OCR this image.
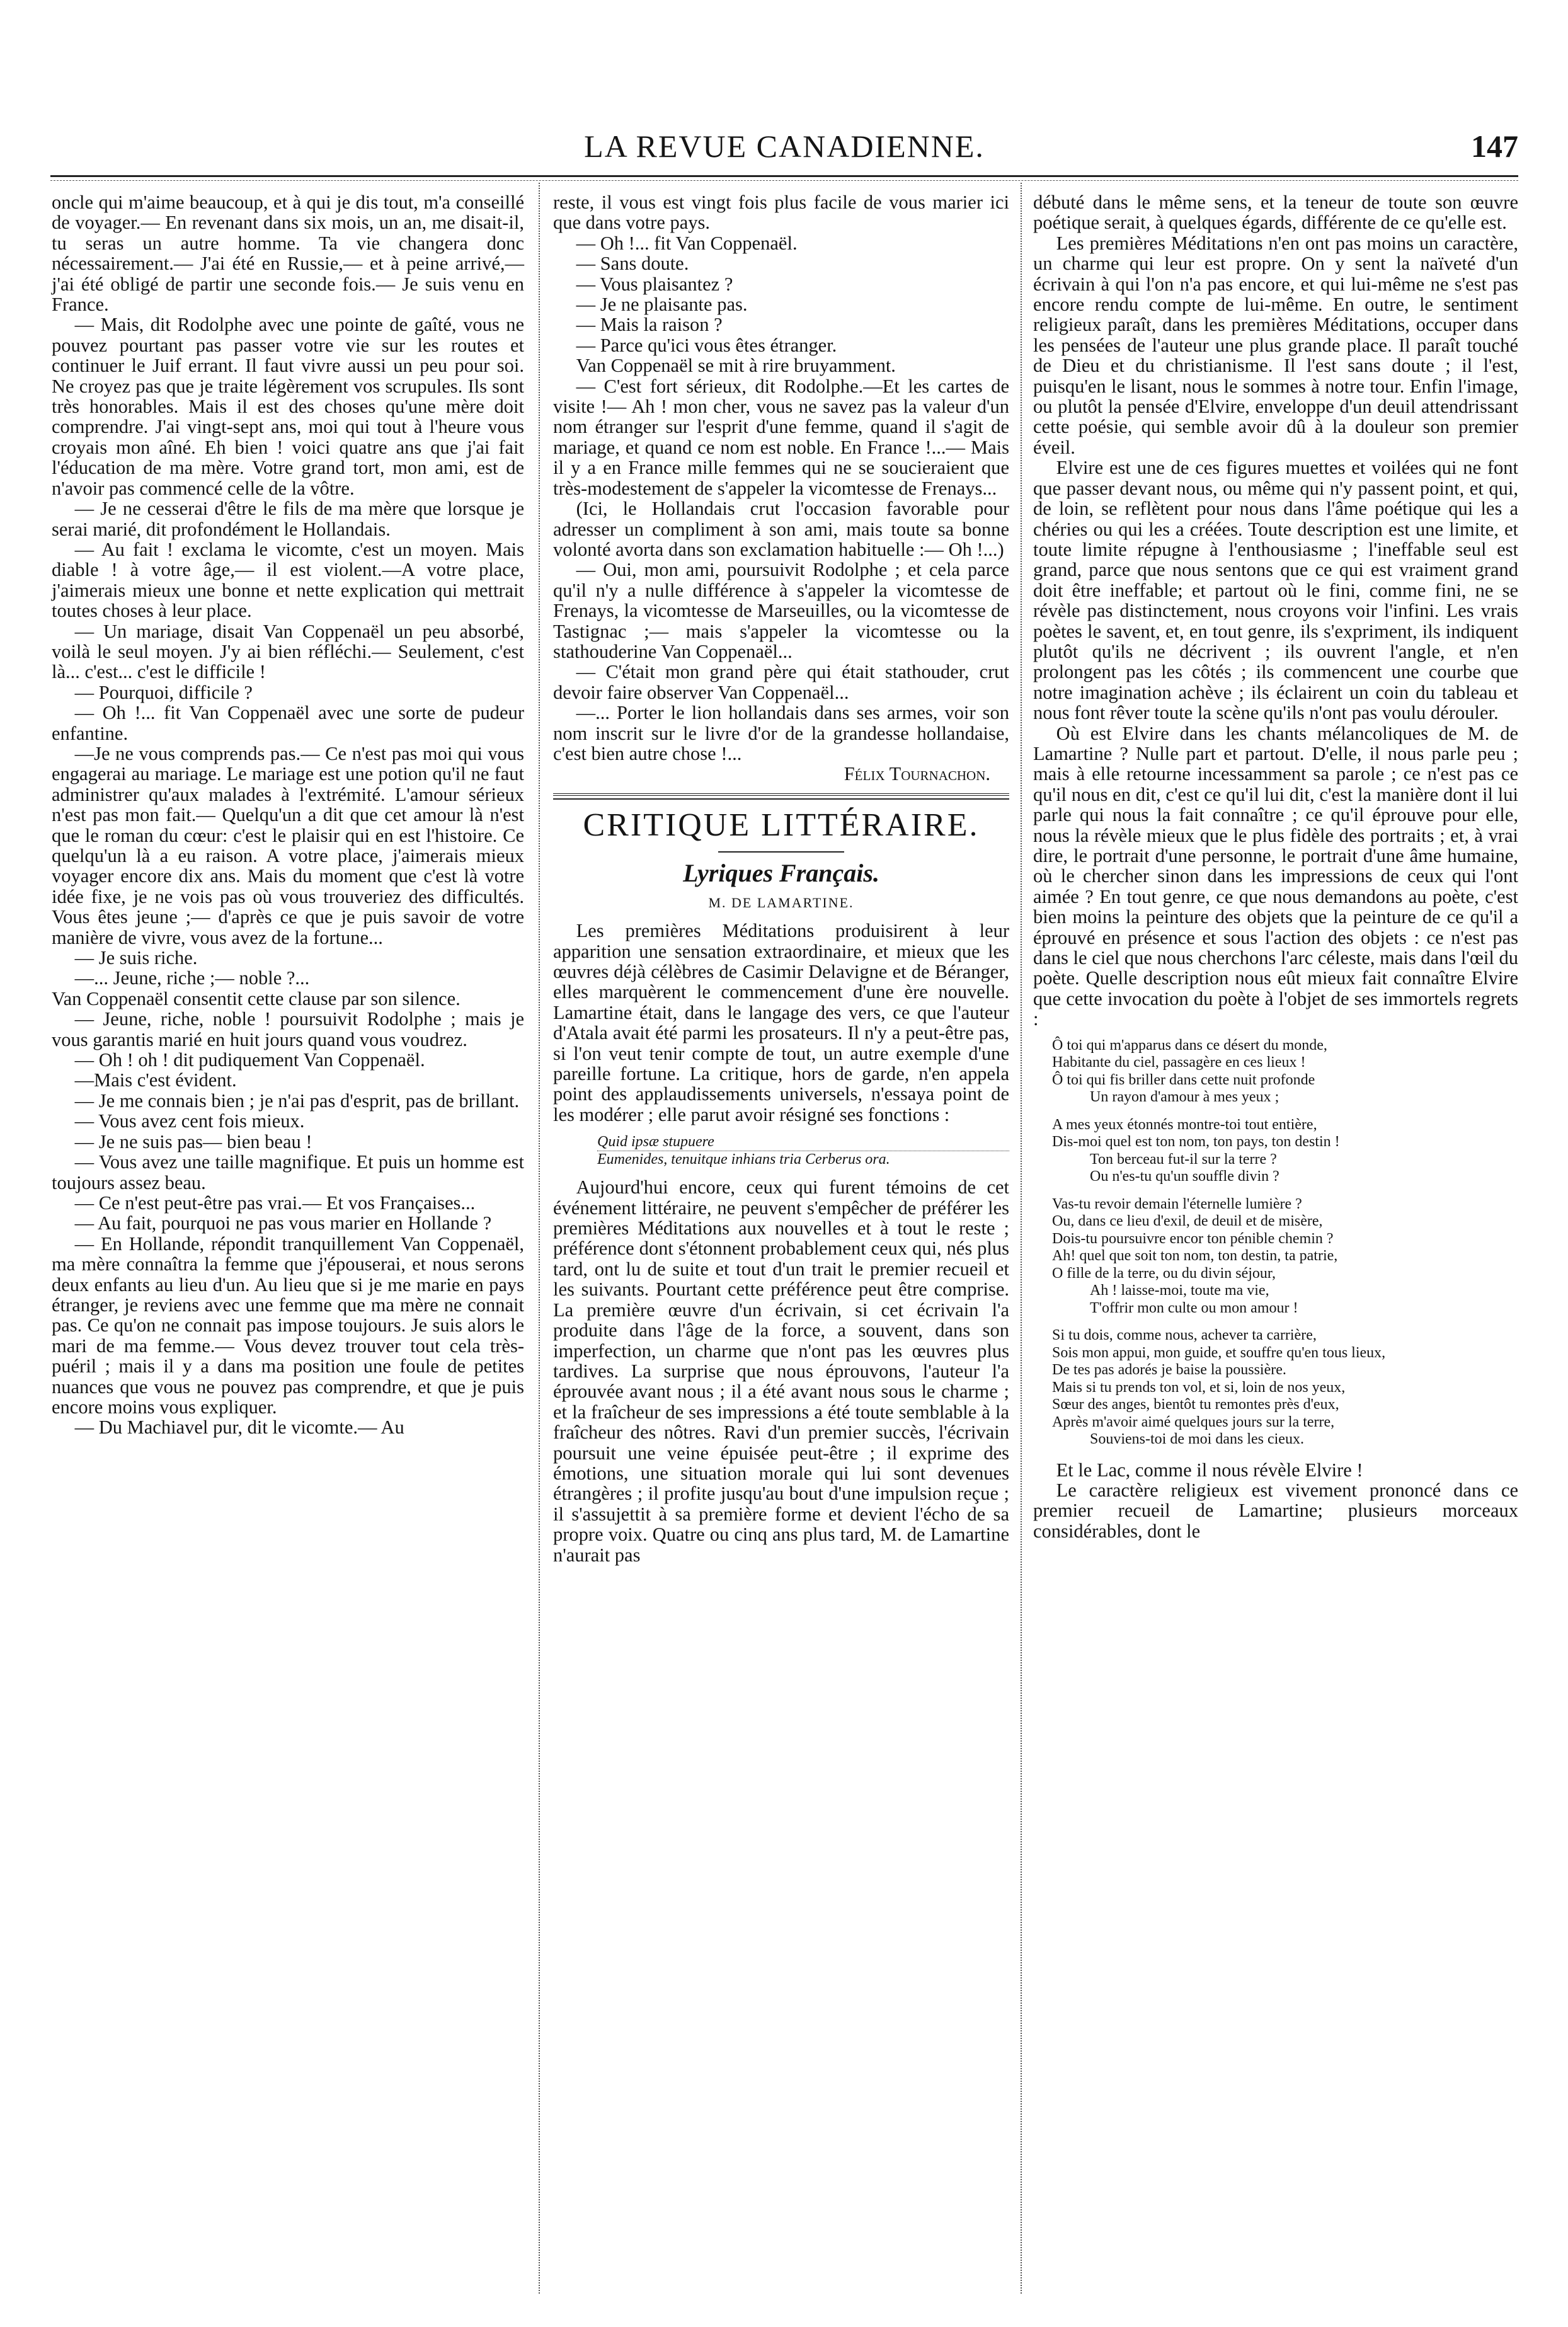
LA REVUE CANADIENNE.	147

oncle qui m'aime beaucoup, et à qui je dis tout, m'a conseillé de voyager.— En revenant dans six mois, un an, me disait-il, tu seras un autre homme. Ta vie changera donc nécessairement.— J'ai été en Russie,— et à peine arrivé,—j'ai été obligé de partir une seconde fois.— Je suis venu en France.

— Mais, dit Rodolphe avec une pointe de gaîté, vous ne pouvez pourtant pas passer votre vie sur les routes et continuer le Juif errant. Il faut vivre aussi un peu pour soi. Ne croyez pas que je traite légèrement vos scrupules. Ils sont très honorables. Mais il est des choses qu'une mère doit comprendre. J'ai vingt-sept ans, moi qui tout à l'heure vous croyais mon aîné. Eh bien ! voici quatre ans que j'ai fait l'éducation de ma mère. Votre grand tort, mon ami, est de n'avoir pas commencé celle de la vôtre.

— Je ne cesserai d'être le fils de ma mère que lorsque je serai marié, dit profondément le Hollandais.

— Au fait ! exclama le vicomte, c'est un moyen. Mais diable ! à votre âge,— il est violent.—A votre place, j'aimerais mieux une bonne et nette explication qui mettrait toutes choses à leur place.

— Un mariage, disait Van Coppenaël un peu absorbé, voilà le seul moyen. J'y ai bien réfléchi.— Seulement, c'est là... c'est... c'est le difficile !

— Pourquoi, difficile ?

— Oh !... fit Van Coppenaël avec une sorte de pudeur enfantine.

—Je ne vous comprends pas.— Ce n'est pas moi qui vous engagerai au mariage. Le mariage est une potion qu'il ne faut administrer qu'aux malades à l'extrémité. L'amour sérieux n'est pas mon fait.— Quelqu'un a dit que cet amour là n'est que le roman du cœur: c'est le plaisir qui en est l'histoire. Ce quelqu'un là a eu raison. A votre place, j'aimerais mieux voyager encore dix ans. Mais du moment que c'est là votre idée fixe, je ne vois pas où vous trouveriez des difficultés. Vous êtes jeune ;— d'après ce que je puis savoir de votre manière de vivre, vous avez de la fortune...

— Je suis riche.

—... Jeune, riche ;— noble ?...

Van Coppenaël consentit cette clause par son silence.

— Jeune, riche, noble ! poursuivit Rodolphe ; mais je vous garantis marié en huit jours quand vous voudrez.

— Oh ! oh ! dit pudiquement Van Coppenaël.

—Mais c'est évident.

— Je me connais bien ; je n'ai pas d'esprit, pas de brillant.

— Vous avez cent fois mieux.

— Je ne suis pas— bien beau !

— Vous avez une taille magnifique. Et puis un homme est toujours assez beau.

— Ce n'est peut-être pas vrai.— Et vos Françaises...

— Au fait, pourquoi ne pas vous marier en Hollande ?

— En Hollande, répondit tranquillement Van Coppenaël, ma mère connaîtra la femme que j'épouserai, et nous serons deux enfants au lieu d'un. Au lieu que si je me marie en pays étranger, je reviens avec une femme que ma mère ne connait pas. Ce qu'on ne connait pas impose toujours. Je suis alors le mari de ma femme.— Vous devez trouver tout cela très-puéril ; mais il y a dans ma position une foule de petites nuances que vous ne pouvez pas comprendre, et que je puis encore moins vous expliquer.

— Du Machiavel pur, dit le vicomte.— Au

reste, il vous est vingt fois plus facile de vous marier ici que dans votre pays.

— Oh !... fit Van Coppenaël.

— Sans doute.

— Vous plaisantez ?

— Je ne plaisante pas.

— Mais la raison ?

— Parce qu'ici vous êtes étranger.

Van Coppenaël se mit à rire bruyamment.

— C'est fort sérieux, dit Rodolphe.—Et les cartes de visite !— Ah ! mon cher, vous ne savez pas la valeur d'un nom étranger sur l'esprit d'une femme, quand il s'agit de mariage, et quand ce nom est noble. En France !...— Mais il y a en France mille femmes qui ne se soucieraient que très-modestement de s'appeler la vicomtesse de Frenays...

(Ici, le Hollandais crut l'occasion favorable pour adresser un compliment à son ami, mais toute sa bonne volonté avorta dans son exclamation habituelle :— Oh !...)

— Oui, mon ami, poursuivit Rodolphe ; et cela parce qu'il n'y a nulle différence à s'appeler la vicomtesse de Frenays, la vicomtesse de Marseuilles, ou la vicomtesse de Tastignac ;— mais s'appeler la vicomtesse ou la stathouderine Van Coppenaël...

— C'était mon grand père qui était stathouder, crut devoir faire observer Van Coppenaël...

—... Porter le lion hollandais dans ses armes, voir son nom inscrit sur le livre d'or de la grandesse hollandaise, c'est bien autre chose !...

Félix Tournachon.

CRITIQUE LITTÉRAIRE.
Lyriques Français.
M. DE LAMARTINE.

Les premières Méditations produisirent à leur apparition une sensation extraordinaire, et mieux que les œuvres déjà célèbres de Casimir Delavigne et de Béranger, elles marquèrent le commencement d'une ère nouvelle. Lamartine était, dans le langage des vers, ce que l'auteur d'Atala avait été parmi les prosateurs. Il n'y a peut-être pas, si l'on veut tenir compte de tout, un autre exemple d'une pareille fortune. La critique, hors de garde, n'en appela point des applaudissements universels, n'essaya point de les modérer ; elle parut avoir résigné ses fonctions :

Quid ipsæ stupuere
Eumenides, tenuitque inhians tria Cerberus ora.

Aujourd'hui encore, ceux qui furent témoins de cet événement littéraire, ne peuvent s'empêcher de préférer les premières Méditations aux nouvelles et à tout le reste ; préférence dont s'étonnent probablement ceux qui, nés plus tard, ont lu de suite et tout d'un trait le premier recueil et les suivants. Pourtant cette préférence peut être comprise. La première œuvre d'un écrivain, si cet écrivain l'a produite dans l'âge de la force, a souvent, dans son imperfection, un charme que n'ont pas les œuvres plus tardives. La surprise que nous éprouvons, l'auteur l'a éprouvée avant nous ; il a été avant nous sous le charme ; et la fraîcheur de ses impressions a été toute semblable à la fraîcheur des nôtres. Ravi d'un premier succès, l'écrivain poursuit une veine épuisée peut-être ; il exprime des émotions, une situation morale qui lui sont devenues étrangères ; il profite jusqu'au bout d'une impulsion reçue ; il s'assujettit à sa première forme et devient l'écho de sa propre voix. Quatre ou cinq ans plus tard, M. de Lamartine n'aurait pas

débuté dans le même sens, et la teneur de toute son œuvre poétique serait, à quelques égards, différente de ce qu'elle est.

Les premières Méditations n'en ont pas moins un caractère, un charme qui leur est propre. On y sent la naïveté d'un écrivain à qui l'on n'a pas encore, et qui lui-même ne s'est pas encore rendu compte de lui-même. En outre, le sentiment religieux paraît, dans les premières Méditations, occuper dans les pensées de l'auteur une plus grande place. Il paraît touché de Dieu et du christianisme. Il l'est sans doute ; il l'est, puisqu'en le lisant, nous le sommes à notre tour. Enfin l'image, ou plutôt la pensée d'Elvire, enveloppe d'un deuil attendrissant cette poésie, qui semble avoir dû à la douleur son premier éveil.

Elvire est une de ces figures muettes et voilées qui ne font que passer devant nous, ou même qui n'y passent point, et qui, de loin, se reflètent pour nous dans l'âme poétique qui les a chéries ou qui les a créées. Toute description est une limite, et toute limite répugne à l'enthousiasme ; l'ineffable seul est grand, parce que nous sentons que ce qui est vraiment grand doit être ineffable; et partout où le fini, comme fini, ne se révèle pas distinctement, nous croyons voir l'infini. Les vrais poètes le savent, et, en tout genre, ils s'expriment, ils indiquent plutôt qu'ils ne décrivent ; ils ouvrent l'angle, et n'en prolongent pas les côtés ; ils commencent une courbe que notre imagination achève ; ils éclairent un coin du tableau et nous font rêver toute la scène qu'ils n'ont pas voulu dérouler.

Où est Elvire dans les chants mélancoliques de M. de Lamartine ? Nulle part et partout. D'elle, il nous parle peu ; mais à elle retourne incessamment sa parole ; ce n'est pas ce qu'il nous en dit, c'est ce qu'il lui dit, c'est la manière dont il lui parle qui nous la fait connaître ; ce qu'il éprouve pour elle, nous la révèle mieux que le plus fidèle des portraits ; et, à vrai dire, le portrait d'une personne, le portrait d'une âme humaine, où le chercher sinon dans les impressions de ceux qui l'ont aimée ? En tout genre, ce que nous demandons au poète, c'est bien moins la peinture des objets que la peinture de ce qu'il a éprouvé en présence et sous l'action des objets : ce n'est pas dans le ciel que nous cherchons l'arc céleste, mais dans l'œil du poète. Quelle description nous eût mieux fait connaître Elvire que cette invocation du poète à l'objet de ses immortels regrets :

Ô toi qui m'apparus dans ce désert du monde,
Habitante du ciel, passagère en ces lieux !
Ô toi qui fis briller dans cette nuit profonde
Un rayon d'amour à mes yeux ;
A mes yeux étonnés montre-toi tout entière,
Dis-moi quel est ton nom, ton pays, ton destin !
Ton berceau fut-il sur la terre ?
Ou n'es-tu qu'un souffle divin ?
Vas-tu revoir demain l'éternelle lumière ?
Ou, dans ce lieu d'exil, de deuil et de misère,
Dois-tu poursuivre encor ton pénible chemin ?
Ah! quel que soit ton nom, ton destin, ta patrie,
O fille de la terre, ou du divin séjour,
Ah ! laisse-moi, toute ma vie,
T'offrir mon culte ou mon amour !
Si tu dois, comme nous, achever ta carrière,
Sois mon appui, mon guide, et souffre qu'en tous lieux,
De tes pas adorés je baise la poussière.
Mais si tu prends ton vol, et si, loin de nos yeux,
Sœur des anges, bientôt tu remontes près d'eux,
Après m'avoir aimé quelques jours sur la terre,
Souviens-toi de moi dans les cieux.

Et le Lac, comme il nous révèle Elvire !

Le caractère religieux est vivement prononcé dans ce premier recueil de Lamartine; plusieurs morceaux considérables, dont le
